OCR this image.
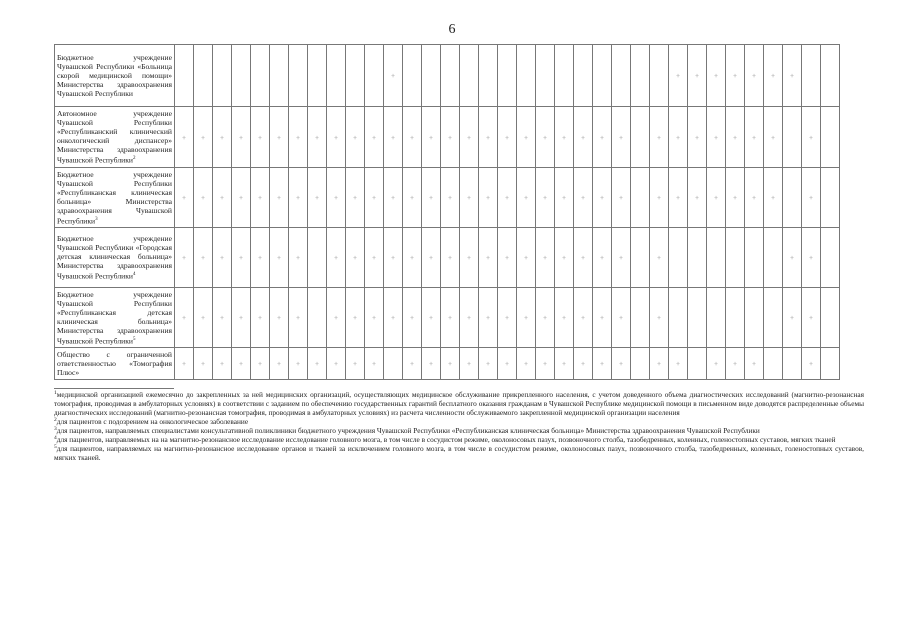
6
Бюджетное учреждение Чувашской Республики «Больница скорой медицинской помощи» Министерства здравоохранения Чувашской Республики												+															+	+	+	+	+	+	+		
Автономное учреждение Чувашской Республики «Республиканский клинический онкологический диспансер» Министерства здравоохранения Чувашской Республики$^2$	+	+	+	+	+	+	+	+	+	+	+	+	+	+	+	+	+	+	+	+	+	+	+	+		+	+	+	+	+	+	+		+	
Бюджетное учреждение Чувашской Республики «Республиканская клиническая больница» Министерства здравоохранения Чувашской Республики$^3$	+	+	+	+	+	+	+	+	+	+	+	+	+	+	+	+	+	+	+	+	+	+	+	+		+	+	+	+	+	+	+		+	
Бюджетное учреждение Чувашской Республики «Городская детская клиническая больница» Министерства здравоохранения Чувашской Республики$^4$	+	+	+	+	+	+	+		+	+	+	+	+	+	+	+	+	+	+	+	+	+	+	+		+							+	+	
Бюджетное учреждение Чувашской Республики «Республиканская детская клиническая больница» Министерства здравоохранения Чувашской Республики$^5$	+	+	+	+	+	+	+		+	+	+	+	+	+	+	+	+	+	+	+	+	+	+	+		+							+	+	
Общество с ограниченной ответственностью «Томография Плюс»	+	+	+	+	+	+	+	+	+	+	+		+	+	+	+	+	+	+	+	+	+	+	+		+	+		+	+	+			+	

$^1$медицинской организацией ежемесячно до закрепленных за ней медицинских организаций, осуществляющих медицинское обслуживание прикрепленного населения, с учетом доведенного объема диагностических исследований (магнитно-резонансная томография, проводимая в амбулаторных условиях) в соответствии с заданием по обеспечению государственных гарантий бесплатного оказания гражданам в Чувашской Республике медицинской помощи в письменном виде доводятся распределенные объемы диагностических исследований (магнитно-резонансная томография, проводимая в амбулаторных условиях) из расчета численности обслуживаемого закрепленной медицинской организации населения

$^2$для пациентов с подозрением на онкологическое заболевание

$^3$для пациентов, направляемых специалистами консультативной поликлиники бюджетного учреждения Чувашской Республики «Республиканская клиническая больница» Министерства здравоохранения Чувашской Республики

$^4$для пациентов, направляемых на на магнитно-резонансное исследование исследование головного мозга, в том числе в сосудистом режиме, околоносовых пазух, позвоночного столба, тазобедренных, коленных, голеностопных суставов, мягких тканей

$^5$для пациентов, направляемых на магнитно-резонансное исследование органов и тканей за исключением головного мозга, в том числе в сосудистом режиме, околоносовых пазух, позвоночного столба, тазобедренных, коленных, голеностопных суставов, мягких тканей.
